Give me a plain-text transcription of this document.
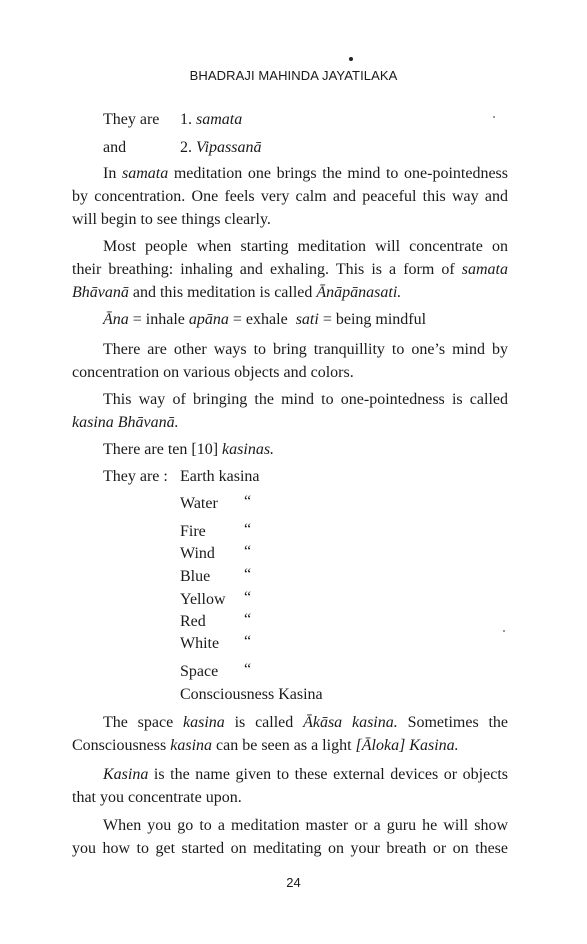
BHADRAJI MAHINDA JAYATILAKA
They are 1. samata
and	2. Vipassanā
In samata meditation one brings the mind to one-pointedness
by concentration. One feels very calm and peaceful this way and
will begin to see things clearly.
Most people when starting meditation will concentrate on
their breathing: inhaling and exhaling. This is a form of samata
Bhāvanā and this meditation is called Ānāpānasati.
Āna = inhale apāna = exhale  sati = being mindful
There are other ways to bring tranquillity to one’s mind by
concentration on various objects and colors.
This way of bringing the mind to one-pointedness is called
kasina Bhāvanā.
There are ten [10] kasinas.
They are : Earth kasina
Water “
Fire “
Wind “
Blue “
Yellow “
Red “
White “
Space “
Consciousness Kasina
The space kasina is called Ākāsa kasina. Sometimes the
Consciousness kasina can be seen as a light [Āloka] Kasina.
Kasina is the name given to these external devices or objects
that you concentrate upon.
When you go to a meditation master or a guru he will show
you how to get started on meditating on your breath or on these
24
